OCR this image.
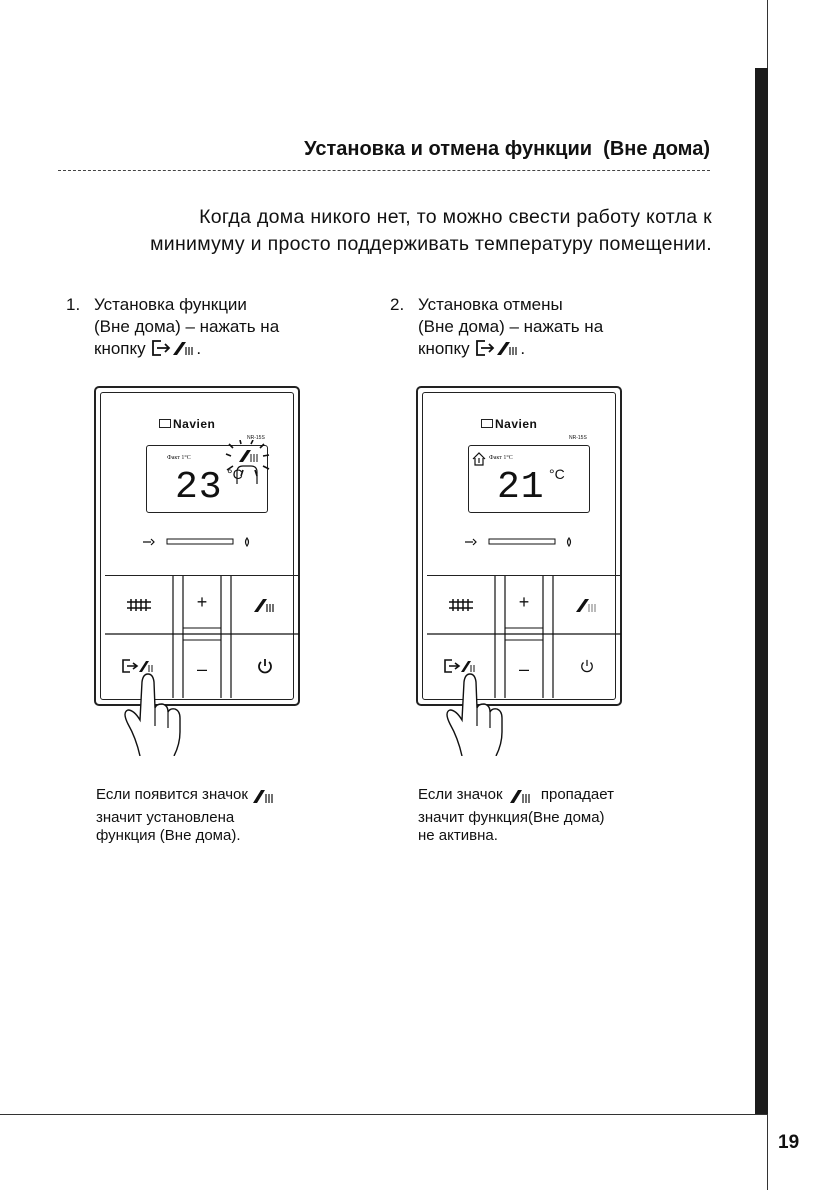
19
Установка и отмена функции (Вне дома)
Когда дома никого нет, то можно свести работу котла к
минимуму и просто поддерживать температуру помещении.
1. Установка функции
(Вне дома) – нажать на
кнопку	.
2. Установка отмены
(Вне дома) – нажать на
кнопку	.
Navien
NR-15S
Факт 1°C
23 °C
+
–
Navien
NR-15S
Факт 1°C
21 °C
+
–
Если появится значок
значит установлена
функция (Вне дома).
Если значок	пропадает
значит функция(Вне дома)
не активна.
